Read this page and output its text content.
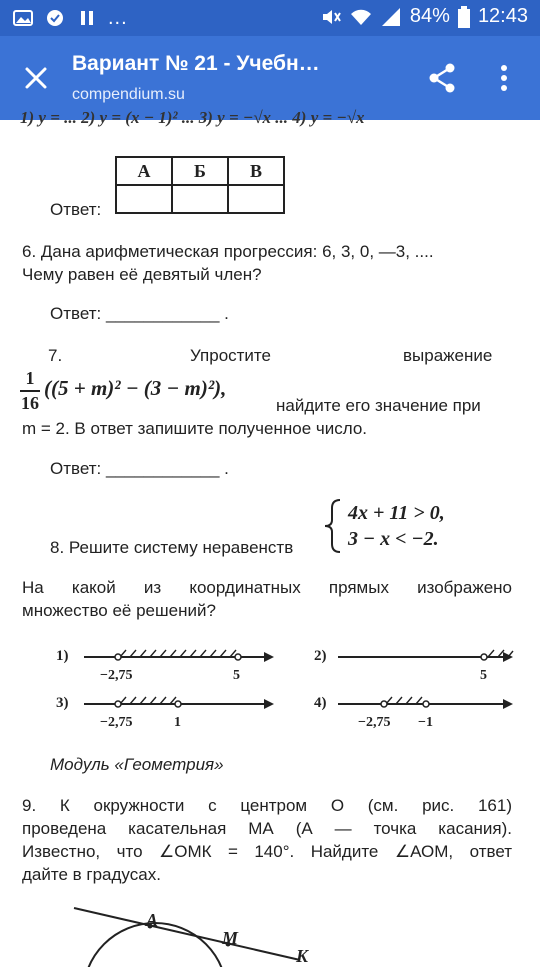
...	84% 12:43
Вариант № 21 - Учебн…
compendium.su
1) y = ... 2) y = (x − 1)² ... 3) y = −√x ... 4) y = −√x
Ответ:
А	Б	В

6. Дана арифметическая прогрессия: 6, 3, 0, —3, ....
Чему равен её девятый член?
Ответ: ____________ .
7.	Упростите	выражение
1
16
((5 + m)² − (3 − m)²),
найдите его значение при
m = 2. В ответ запишите полученное число.
Ответ: ____________ .
8. Решите систему неравенств
4x + 11 > 0,
3 − x < −2.
На какой из координатных прямых изображено
множество её решений?
1)
−2,75	5
2)
5
3)
−2,75	1
4)
−2,75 −1
Модуль «Геометрия»
9. К окружности с центром О (см. рис. 161)
проведена касательная МА (А — точка касания).
Известно, что ∠ОМК = 140°. Найдите ∠АОМ, ответ
дайте в градусах.
A
M
K
